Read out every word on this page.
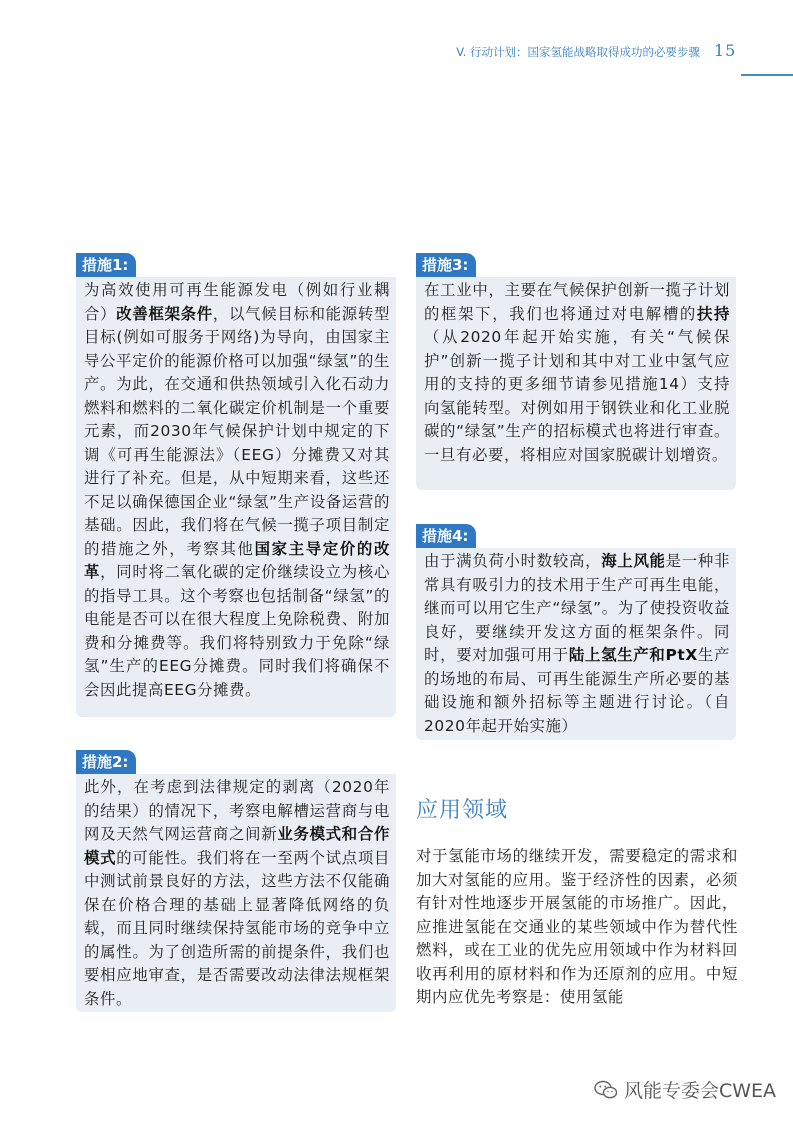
V. 行动计划：国家氢能战略取得成功的必要步骤 15
措施1:
为高效使用可再生能源发电（例如行业耦合）改善框架条件，以气候目标和能源转型目标(例如可服务于网络)为导向，由国家主导公平定价的能源价格可以加强“绿氢”的生产。为此，在交通和供热领域引入化石动力燃料和燃料的二氧化碳定价机制是一个重要元素，而2030年气候保护计划中规定的下调《可再生能源法》（EEG）分摊费又对其进行了补充。但是，从中短期来看，这些还不足以确保德国企业“绿氢”生产设备运营的基础。因此，我们将在气候一揽子项目制定的措施之外，考察其他国家主导定价的改革，同时将二氧化碳的定价继续设立为核心的指导工具。这个考察也包括制备“绿氢”的电能是否可以在很大程度上免除税费、附加费和分摊费等。我们将特别致力于免除“绿氢”生产的EEG分摊费。同时我们将确保不会因此提高EEG分摊费。
措施2:
此外，在考虑到法律规定的剥离（2020年的结果）的情况下，考察电解槽运营商与电网及天然气网运营商之间新业务模式和合作模式的可能性。我们将在一至两个试点项目中测试前景良好的方法，这些方法不仅能确保在价格合理的基础上显著降低网络的负载，而且同时继续保持氢能市场的竞争中立的属性。为了创造所需的前提条件，我们也要相应地审查，是否需要改动法律法规框架条件。
措施3:
在工业中，主要在气候保护创新一揽子计划的框架下，我们也将通过对电解槽的扶持（从2020年起开始实施，有关“气候保护”创新一揽子计划和其中对工业中氢气应用的支持的更多细节请参见措施14）支持向氢能转型。对例如用于钢铁业和化工业脱碳的“绿氢”生产的招标模式也将进行审查。一旦有必要，将相应对国家脱碳计划增资。
措施4:
由于满负荷小时数较高，海上风能是一种非常具有吸引力的技术用于生产可再生电能，继而可以用它生产“绿氢”。为了使投资收益良好，要继续开发这方面的框架条件。同时，要对加强可用于陆上氢生产和PtX生产的场地的布局、可再生能源生产所必要的基础设施和额外招标等主题进行讨论。（自2020年起开始实施）
应用领域
对于氢能市场的继续开发，需要稳定的需求和加大对氢能的应用。鉴于经济性的因素，必须有针对性地逐步开展氢能的市场推广。因此，应推进氢能在交通业的某些领域中作为替代性燃料，或在工业的优先应用领域中作为材料回收再利用的原材料和作为还原剂的应用。中短期内应优先考察是：使用氢能
风能专委会CWEA
